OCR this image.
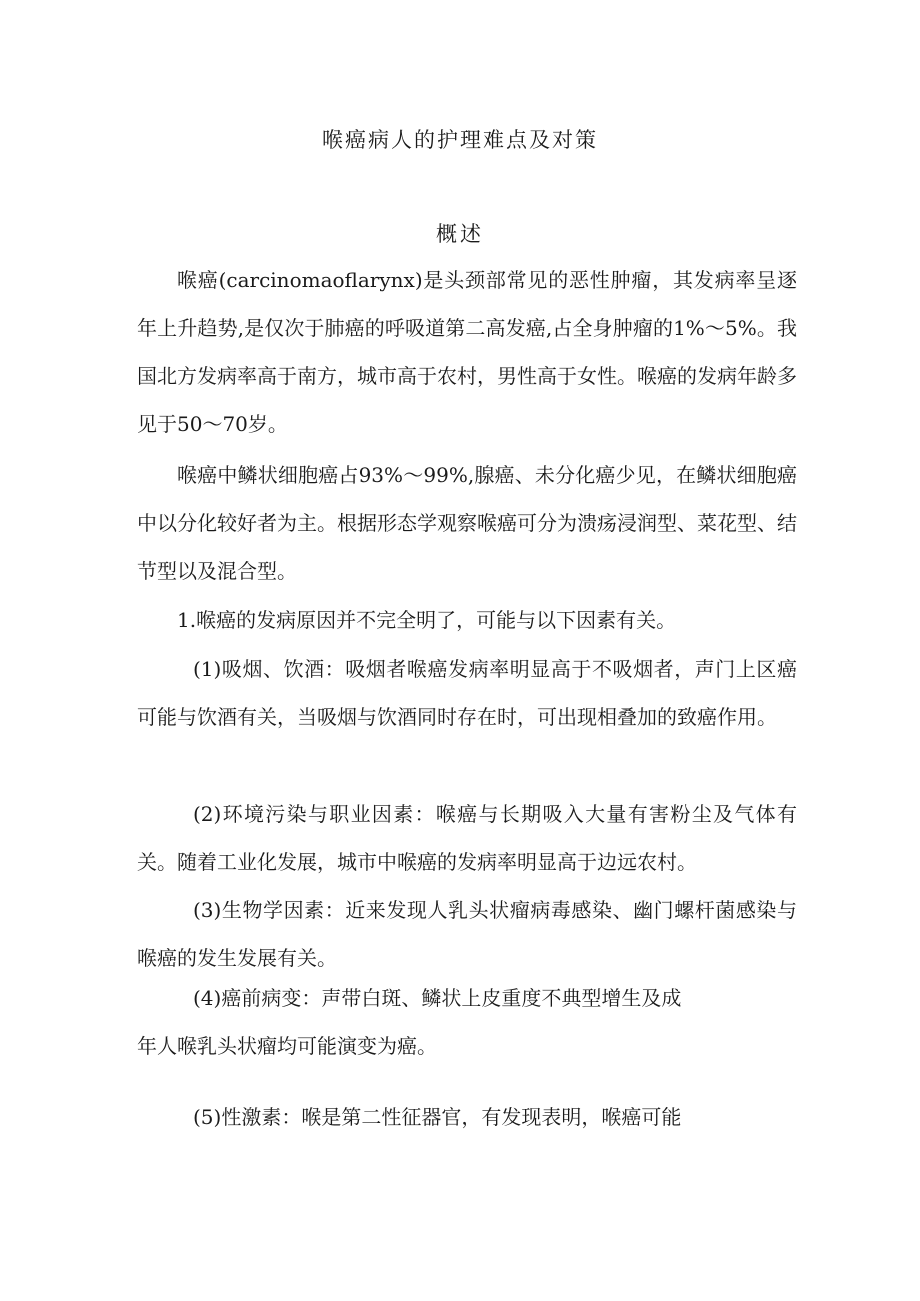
喉癌病人的护理难点及对策
概述

喉癌(carcinomaoflarynx)是头颈部常见的恶性肿瘤，其发病率呈逐年上升趋势,是仅次于肺癌的呼吸道第二高发癌,占全身肿瘤的1%～5%。我国北方发病率高于南方，城市高于农村，男性高于女性。喉癌的发病年龄多见于50～70岁。

喉癌中鳞状细胞癌占93%～99%,腺癌、未分化癌少见，在鳞状细胞癌中以分化较好者为主。根据形态学观察喉癌可分为溃疡浸润型、菜花型、结节型以及混合型。

1.喉癌的发病原因并不完全明了，可能与以下因素有关。

(1)吸烟、饮酒：吸烟者喉癌发病率明显高于不吸烟者，声门上区癌可能与饮酒有关，当吸烟与饮酒同时存在时，可出现相叠加的致癌作用。

(2)环境污染与职业因素：喉癌与长期吸入大量有害粉尘及气体有关。随着工业化发展，城市中喉癌的发病率明显高于边远农村。

(3)生物学因素：近来发现人乳头状瘤病毒感染、幽门螺杆菌感染与喉癌的发生发展有关。

(4)癌前病变：声带白斑、鳞状上皮重度不典型增生及成

年人喉乳头状瘤均可能演变为癌。

(5)性激素：喉是第二性征器官，有发现表明，喉癌可能
